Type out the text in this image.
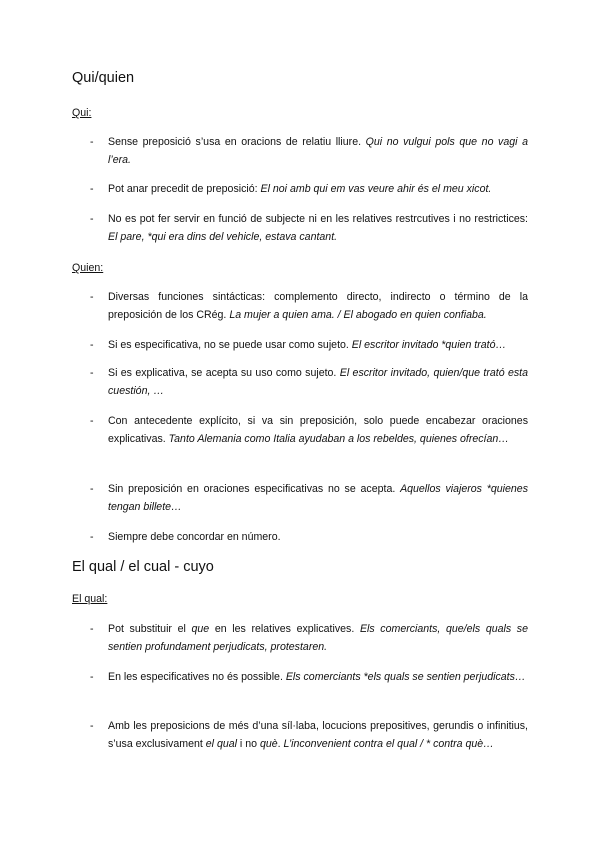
Qui/quien
Qui:
- Sense preposició s’usa en oracions de relatiu lliure. Qui no vulgui pols que no vagi a l’era.
- Pot anar precedit de preposició: El noi amb qui em vas veure ahir és el meu xicot.
- No es pot fer servir en funció de subjecte ni en les relatives restrcutives i no restrictices: El pare, *qui era dins del vehicle, estava cantant.
Quien:
- Diversas funciones sintácticas: complemento directo, indirecto o término de la preposición de los CRég. La mujer a quien ama. / El abogado en quien confiaba.
- Si es especificativa, no se puede usar como sujeto. El escritor invitado *quien trató…
- Si es explicativa, se acepta su uso como sujeto. El escritor invitado, quien/que trató esta cuestión, …
- Con antecedente explícito, si va sin preposición, solo puede encabezar oraciones explicativas. Tanto Alemania como Italia ayudaban a los rebeldes, quienes ofrecían…
- Sin preposición en oraciones especificativas no se acepta. Aquellos viajeros *quienes tengan billete…
- Siempre debe concordar en número.
El qual / el cual - cuyo
El qual:
- Pot substituir el que en les relatives explicatives. Els comerciants, que/els quals se sentien profundament perjudicats, protestaren.
- En les especificatives no és possible. Els comerciants *els quals se sentien perjudicats…
- Amb les preposicions de més d’una síl·laba, locucions prepositives, gerundis o infinitius, s’usa exclusivament el qual i no què. L’inconvenient contra el qual / * contra què…
